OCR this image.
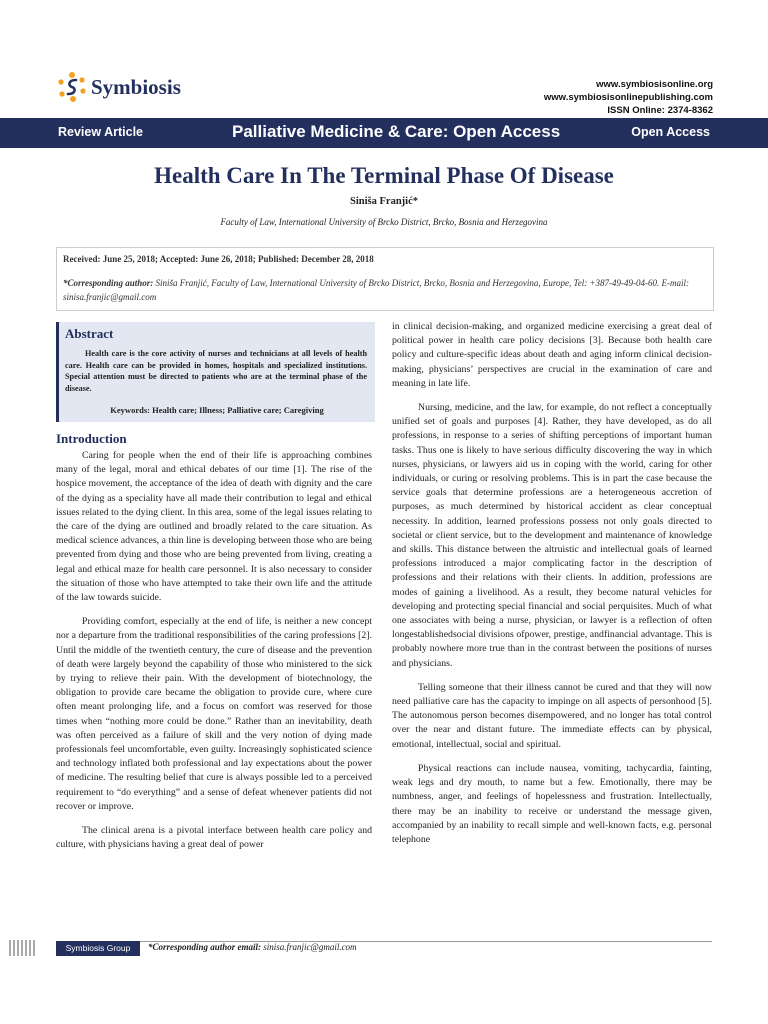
Symbiosis	www.symbiosisonline.org
www.symbiosisonlinepublishing.com
ISSN Online: 2374-8362
Review Article	Palliative Medicine & Care: Open Access	Open Access
Health Care In The Terminal Phase Of Disease
Siniša Franjić*
Faculty of Law, International University of Brcko District, Brcko, Bosnia and Herzegovina
Received: June 25, 2018; Accepted: June 26, 2018; Published: December 28, 2018
*Corresponding author: Siniša Franjić, Faculty of Law, International University of Brcko District, Brcko, Bosnia and Herzegovina, Europe, Tel: +387-49-49-04-60. E-mail: sinisa.franjic@gmail.com
Abstract
Health care is the core activity of nurses and technicians at all levels of health care. Health care can be provided in homes, hospitals and specialized institutions. Special attention must be directed to patients who are at the terminal phase of the disease.
Keywords: Health care; Illness; Palliative care; Caregiving
Introduction

Caring for people when the end of their life is approaching combines many of the legal, moral and ethical debates of our time [1]. The rise of the hospice movement, the acceptance of the idea of death with dignity and the care of the dying as a speciality have all made their contribution to legal and ethical issues related to the dying client. In this area, some of the legal issues relating to the care of the dying are outlined and broadly related to the care situation. As medical science advances, a thin line is developing between those who are being prevented from dying and those who are being prevented from living, creating a legal and ethical maze for health care personnel. It is also necessary to consider the situation of those who have attempted to take their own life and the attitude of the law towards suicide.

Providing comfort, especially at the end of life, is neither a new concept nor a departure from the traditional responsibilities of the caring professions [2]. Until the middle of the twentieth century, the cure of disease and the prevention of death were largely beyond the capability of those who ministered to the sick by trying to relieve their pain. With the development of biotechnology, the obligation to provide care became the obligation to provide cure, where cure often meant prolonging life, and a focus on comfort was reserved for those times when “nothing more could be done.” Rather than an inevitability, death was often perceived as a failure of skill and the very notion of dying made professionals feel uncomfortable, even guilty. Increasingly sophisticated science and technology inflated both professional and lay expectations about the power of medicine. The resulting belief that cure is always possible led to a perceived requirement to “do everything” and a sense of defeat whenever patients did not recover or improve.

The clinical arena is a pivotal interface between health care policy and culture, with physicians having a great deal of power

in clinical decision-making, and organized medicine exercising a great deal of political power in health care policy decisions [3]. Because both health care policy and culture-specific ideas about death and aging inform clinical decision-making, physicians’ perspectives are crucial in the examination of care and meaning in late life.

Nursing, medicine, and the law, for example, do not reflect a conceptually unified set of goals and purposes [4]. Rather, they have developed, as do all professions, in response to a series of shifting perceptions of important human tasks. Thus one is likely to have serious difficulty discovering the way in which nurses, physicians, or lawyers aid us in coping with the world, caring for other individuals, or curing or resolving problems. This is in part the case because the service goals that determine professions are a heterogeneous accretion of purposes, as much determined by historical accident as clear conceptual necessity. In addition, learned professions possess not only goals directed to societal or client service, but to the development and maintenance of knowledge and skills. This distance between the altruistic and intellectual goals of learned professions introduced a major complicating factor in the description of professions and their relations with their clients. In addition, professions are modes of gaining a livelihood. As a result, they become natural vehicles for developing and protecting special financial and social perquisites. Much of what one associates with being a nurse, physician, or lawyer is a reflection of often longestablishedsocial divisions ofpower, prestige, andfinancial advantage. This is probably nowhere more true than in the contrast between the positions of nurses and physicians.

Telling someone that their illness cannot be cured and that they will now need palliative care has the capacity to impinge on all aspects of personhood [5]. The autonomous person becomes disempowered, and no longer has total control over the near and distant future. The immediate effects can by physical, emotional, intellectual, social and spiritual.

Physical reactions can include nausea, vomiting, tachycardia, fainting, weak legs and dry mouth, to name but a few. Emotionally, there may be numbness, anger, and feelings of hopelessness and frustration. Intellectually, there may be an inability to receive or understand the message given, accompanied by an inability to recall simple and well-known facts, e.g. personal telephone

Symbiosis Group	*Corresponding author email: sinisa.franjic@gmail.com
